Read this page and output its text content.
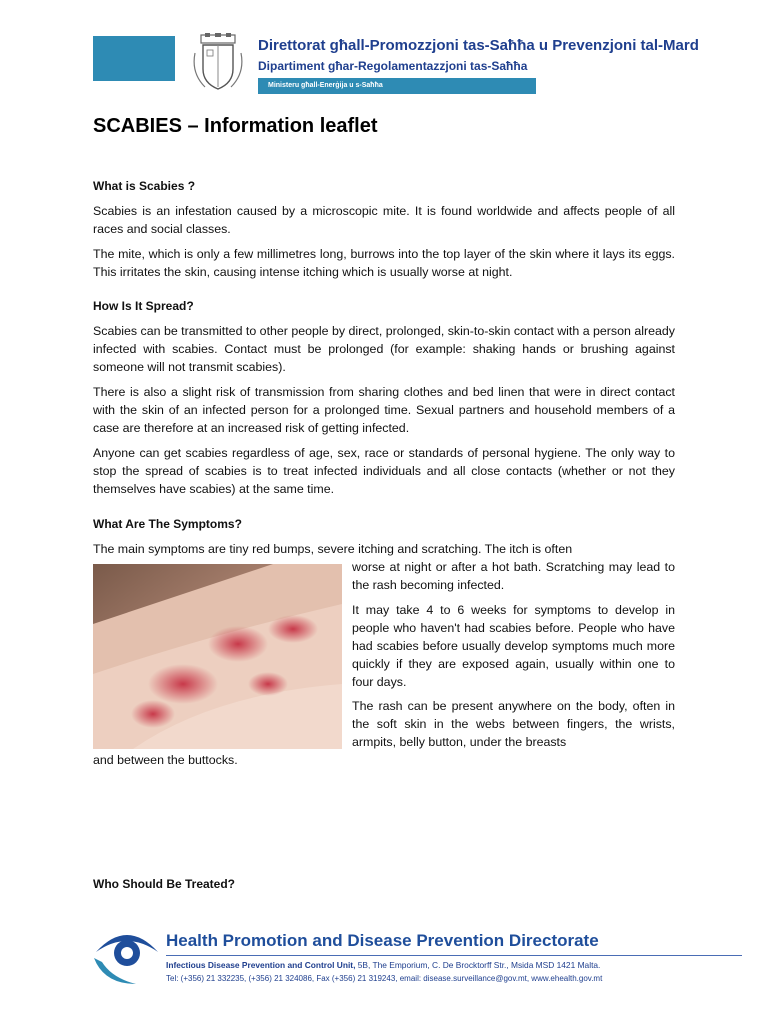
Direttorat għall-Promozzjoni tas-Saħħa u Prevenzjoni tal-Mard
Dipartiment għar-Regolamentazzjoni tas-Saħħa
Ministeru għall-Enerġija u s-Saħħa
SCABIES – Information leaflet
What is Scabies ?

Scabies is an infestation caused by a microscopic mite. It is found worldwide and affects people of all races and social classes.

The mite, which is only a few millimetres long, burrows into the top layer of the skin where it lays its eggs. This irritates the skin, causing intense itching which is usually worse at night.

How Is It Spread?

Scabies can be transmitted to other people by direct, prolonged, skin-to-skin contact with a person already infected with scabies. Contact must be prolonged (for example: shaking hands or brushing against someone will not transmit scabies).

There is also a slight risk of transmission from sharing clothes and bed linen that were in direct contact with the skin of an infected person for a prolonged time. Sexual partners and household members of a case are therefore at an increased risk of getting infected.

Anyone can get scabies regardless of age, sex, race or standards of personal hygiene. The only way to stop the spread of scabies is to treat infected individuals and all close contacts (whether or not they themselves have scabies) at the same time.

What Are The Symptoms?

The main symptoms are tiny red bumps, severe itching and scratching. The itch is often

worse at night or after a hot bath. Scratching may lead to the rash becoming infected.

It may take 4 to 6 weeks for symptoms to develop in people who haven't had scabies before. People who have had scabies before usually develop symptoms much more quickly if they are exposed again, usually within one to four days.

The rash can be present anywhere on the body, often in the soft skin in the webs between fingers, the wrists, armpits, belly button, under the breasts

and between the buttocks.

Who Should Be Treated?
Health Promotion and Disease Prevention Directorate
Infectious Disease Prevention and Control Unit, 5B, The Emporium, C. De Brocktorff Str., Msida MSD 1421 Malta.
Tel: (+356) 21 332235, (+356) 21 324086, Fax (+356) 21 319243, email: disease.surveillance@gov.mt, www.ehealth.gov.mt
